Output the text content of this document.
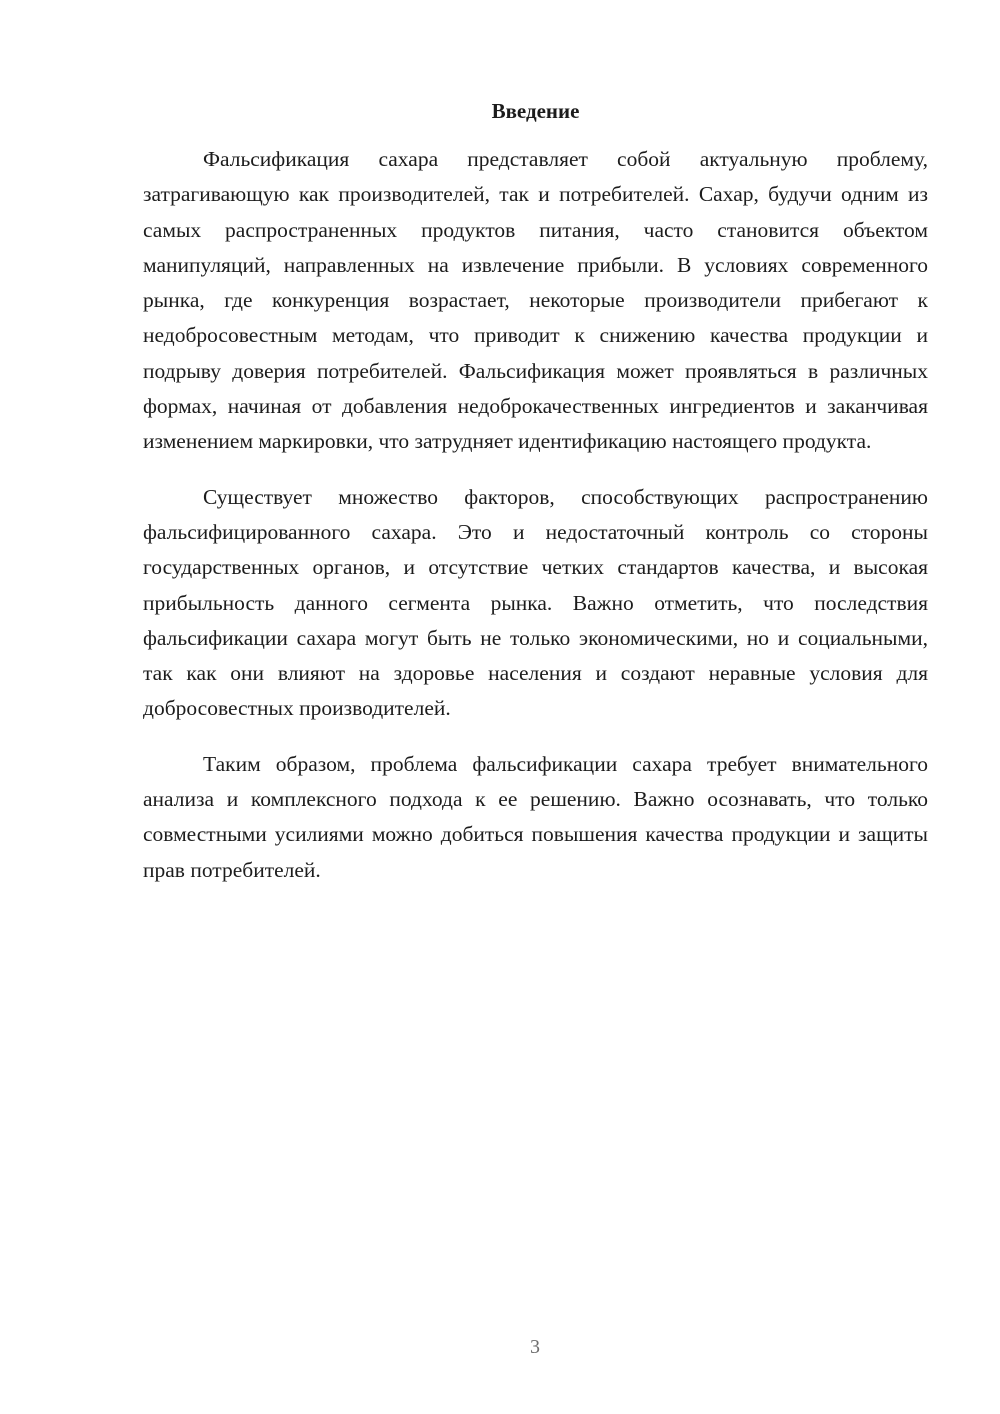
Введение

Фальсификация сахара представляет собой актуальную проблему, затрагивающую как производителей, так и потребителей. Сахар, будучи одним из самых распространенных продуктов питания, часто становится объектом манипуляций, направленных на извлечение прибыли. В условиях современного рынка, где конкуренция возрастает, некоторые производители прибегают к недобросовестным методам, что приводит к снижению качества продукции и подрыву доверия потребителей. Фальсификация может проявляться в различных формах, начиная от добавления недоброкачественных ингредиентов и заканчивая изменением маркировки, что затрудняет идентификацию настоящего продукта.

Существует множество факторов, способствующих распространению фальсифицированного сахара. Это и недостаточный контроль со стороны государственных органов, и отсутствие четких стандартов качества, и высокая прибыльность данного сегмента рынка. Важно отметить, что последствия фальсификации сахара могут быть не только экономическими, но и социальными, так как они влияют на здоровье населения и создают неравные условия для добросовестных производителей.

Таким образом, проблема фальсификации сахара требует внимательного анализа и комплексного подхода к ее решению. Важно осознавать, что только совместными усилиями можно добиться повышения качества продукции и защиты прав потребителей.

3
